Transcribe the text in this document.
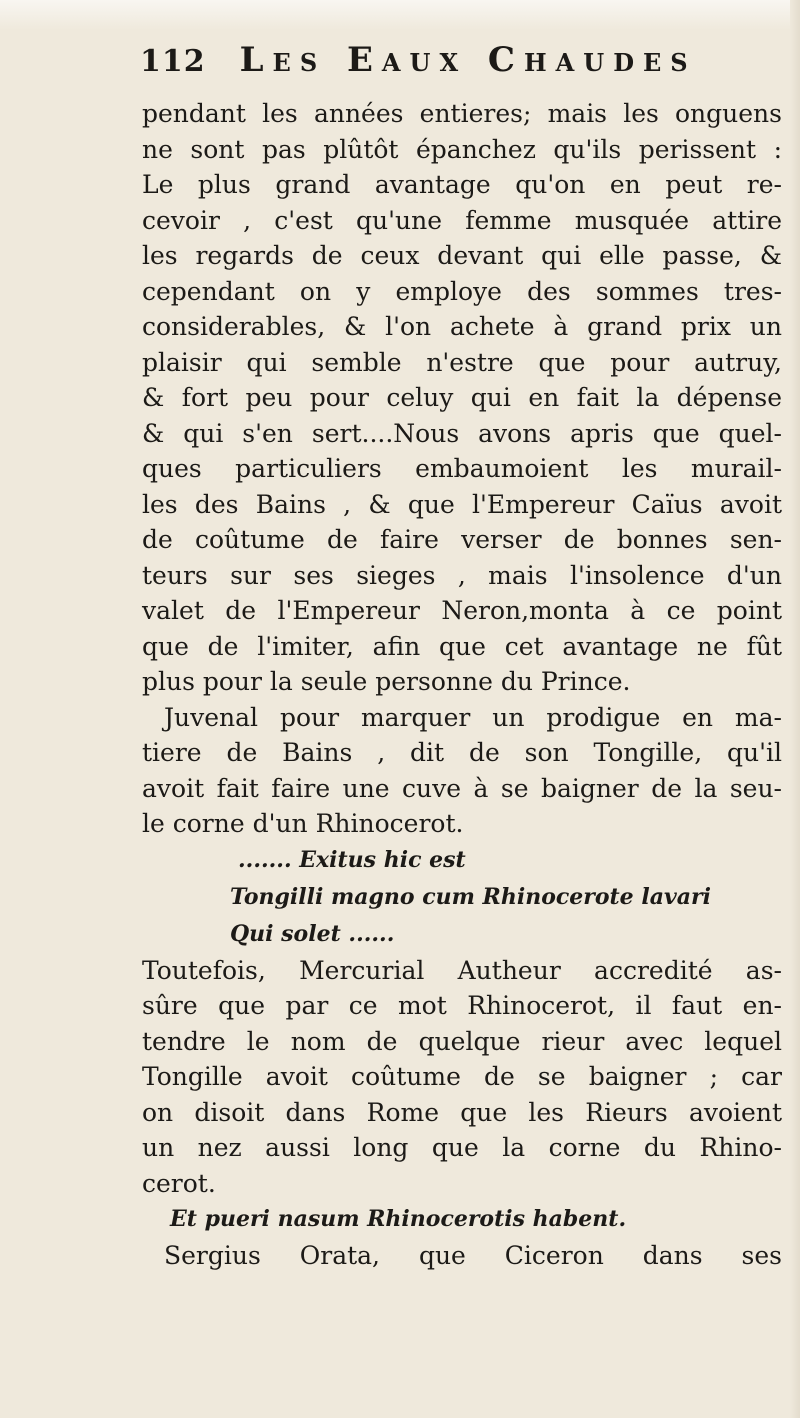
112 Les Eaux Chaudes
pendant les années entieres; mais les onguens
ne sont pas plûtôt épanchez qu'ils perissent :
Le plus grand avantage qu'on en peut re-
cevoir , c'est qu'une femme musquée attire
les regards de ceux devant qui elle passe, &
cependant on y employe des sommes tres-
considerables, & l'on achete à grand prix un
plaisir qui semble n'estre que pour autruy,
& fort peu pour celuy qui en fait la dépense
& qui s'en sert....Nous avons apris que quel-
ques particuliers embaumoient les murail-
les des Bains , & que l'Empereur Caïus avoit
de coûtume de faire verser de bonnes sen-
teurs sur ses sieges , mais l'insolence d'un
valet de l'Empereur Neron,monta à ce point
que de l'imiter, afin que cet avantage ne fût
plus pour la seule personne du Prince.
Juvenal pour marquer un prodigue en ma-
tiere de Bains , dit de son Tongille, qu'il
avoit fait faire une cuve à se baigner de la seu-
le corne d'un Rhinocerot.
....... Exitus hic est
Tongilli magno cum Rhinocerote lavari
Qui solet ......
Toutefois, Mercurial Autheur accredité as-
sûre que par ce mot Rhinocerot, il faut en-
tendre le nom de quelque rieur avec lequel
Tongille avoit coûtume de se baigner ; car
on disoit dans Rome que les Rieurs avoient
un nez aussi long que la corne du Rhino-
cerot.
Et pueri nasum Rhinocerotis habent.
Sergius Orata, que Ciceron dans ses
